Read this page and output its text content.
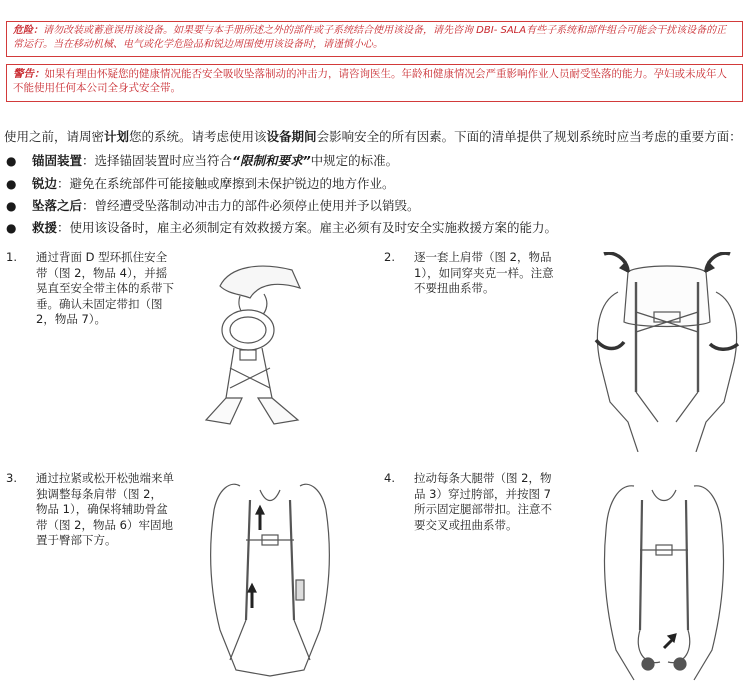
危险：请勿改装或蓄意误用该设备。如果要与本手册所述之外的部件或子系统结合使用该设备，请先咨询 DBI- SALA有些子系统和部件组合可能会干扰该设备的正常运行。当在移动机械、电气或化学危险品和锐边周围使用该设备时，请谨慎小心。
警告：如果有理由怀疑您的健康情况能否安全吸收坠落制动的冲击力，请咨询医生。年龄和健康情况会严重影响作业人员耐受坠落的能力。孕妇或未成年人不能使用任何本公司全身式安全带。
使用之前，请周密计划您的系统。请考虑使用该设备期间会影响安全的所有因素。下面的清单提供了规划系统时应当考虑的重要方面：
● 锚固装置：选择锚固装置时应当符合“限制和要求”中规定的标准。
● 锐边：避免在系统部件可能接触或摩擦到未保护锐边的地方作业。
● 坠落之后：曾经遭受坠落制动冲击力的部件必须停止使用并予以销毁。
● 救援：使用该设备时，雇主必须制定有效救援方案。雇主必须有及时安全实施救援方案的能力。
1. 通过背面 D 型环抓住安全
带（图 2，物品 4），并摇
晃直至安全带主体的系带下
垂。确认未固定带扣（图
2，物品 7）。
2. 逐一套上肩带（图 2，物品
1），如同穿夹克一样。注意
不要扭曲系带。
3. 通过拉紧或松开松弛端来单
独调整每条肩带（图 2，
物品 1），确保将辅助骨盆
带（图 2，物品 6）牢固地
置于臀部下方。
4. 拉动每条大腿带（图 2，物
品 3）穿过胯部，并按图 7
所示固定腿部带扣。注意不
要交叉或扭曲系带。
